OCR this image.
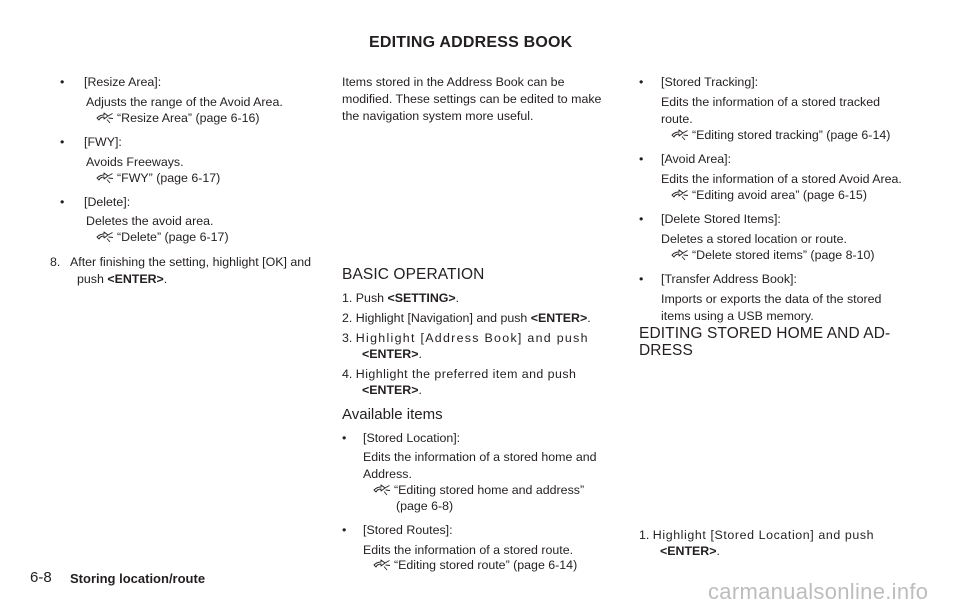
EDITING ADDRESS BOOK
• [Resize Area]:
Adjusts the range of the Avoid Area.
“Resize Area” (page 6-16)
• [FWY]:
Avoids Freeways.
“FWY” (page 6-17)
• [Delete]:
Deletes the avoid area.
“Delete” (page 6-17)
8. After finishing the setting, highlight [OK] and
push <ENTER>.
Items stored in the Address Book can be
modified. These settings can be edited to make
the navigation system more useful.
BASIC OPERATION
1. Push <SETTING>.
2. Highlight [Navigation] and push <ENTER>.
3. Highlight [Address Book] and push
<ENTER>.
4. Highlight the preferred item and push
<ENTER>.
Available items
• [Stored Location]:
Edits the information of a stored home and
Address.
“Editing stored home and address”
(page 6-8)
• [Stored Routes]:
Edits the information of a stored route.
“Editing stored route” (page 6-14)
• [Stored Tracking]:
Edits the information of a stored tracked
route.
“Editing stored tracking” (page 6-14)
• [Avoid Area]:
Edits the information of a stored Avoid Area.
“Editing avoid area” (page 6-15)
• [Delete Stored Items]:
Deletes a stored location or route.
“Delete stored items” (page 8-10)
• [Transfer Address Book]:
Imports or exports the data of the stored
items using a USB memory.
EDITING STORED HOME AND AD-
DRESS
1. Highlight [Stored Location] and push
<ENTER>.
6-8 Storing location/route
carmanualsonline.info
